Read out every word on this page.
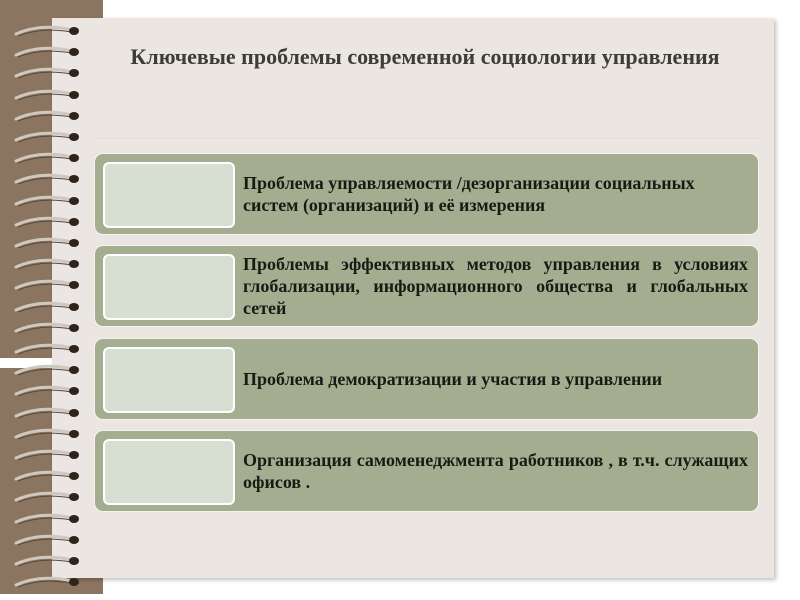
Ключевые проблемы современной социологии управления
Проблема управляемости /дезорганизации социальных систем (организаций) и её измерения
Проблемы эффективных методов управления в условиях глобализации, информационного общества и глобальных сетей
Проблема демократизации и участия в управлении
Организация самоменеджмента работников , в т.ч. служащих офисов .
